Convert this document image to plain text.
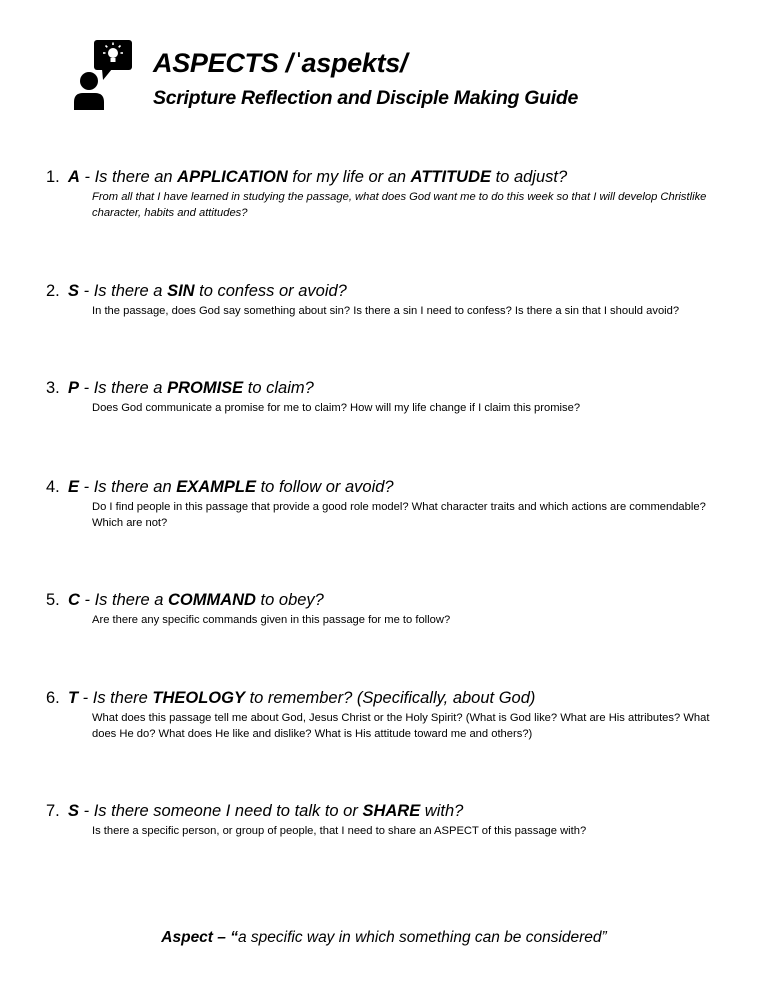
ASPECTS /ˈaspekts/
Scripture Reflection and Disciple Making Guide
1. A - Is there an APPLICATION for my life or an ATTITUDE to adjust?
From all that I have learned in studying the passage, what does God want me to do this week so that I will develop Christlike character, habits and attitudes?
2. S - Is there a SIN to confess or avoid?
In the passage, does God say something about sin? Is there a sin I need to confess? Is there a sin that I should avoid?
3. P - Is there a PROMISE to claim?
Does God communicate a promise for me to claim? How will my life change if I claim this promise?
4. E - Is there an EXAMPLE to follow or avoid?
Do I find people in this passage that provide a good role model? What character traits and which actions are commendable? Which are not?
5. C - Is there a COMMAND to obey?
Are there any specific commands given in this passage for me to follow?
6. T - Is there THEOLOGY to remember? (Specifically, about God)
What does this passage tell me about God, Jesus Christ or the Holy Spirit? (What is God like? What are His attributes? What does He do? What does He like and dislike? What is His attitude toward me and others?)
7. S - Is there someone I need to talk to or SHARE with?
Is there a specific person, or group of people, that I need to share an ASPECT of this passage with?
Aspect – “a specific way in which something can be considered”
